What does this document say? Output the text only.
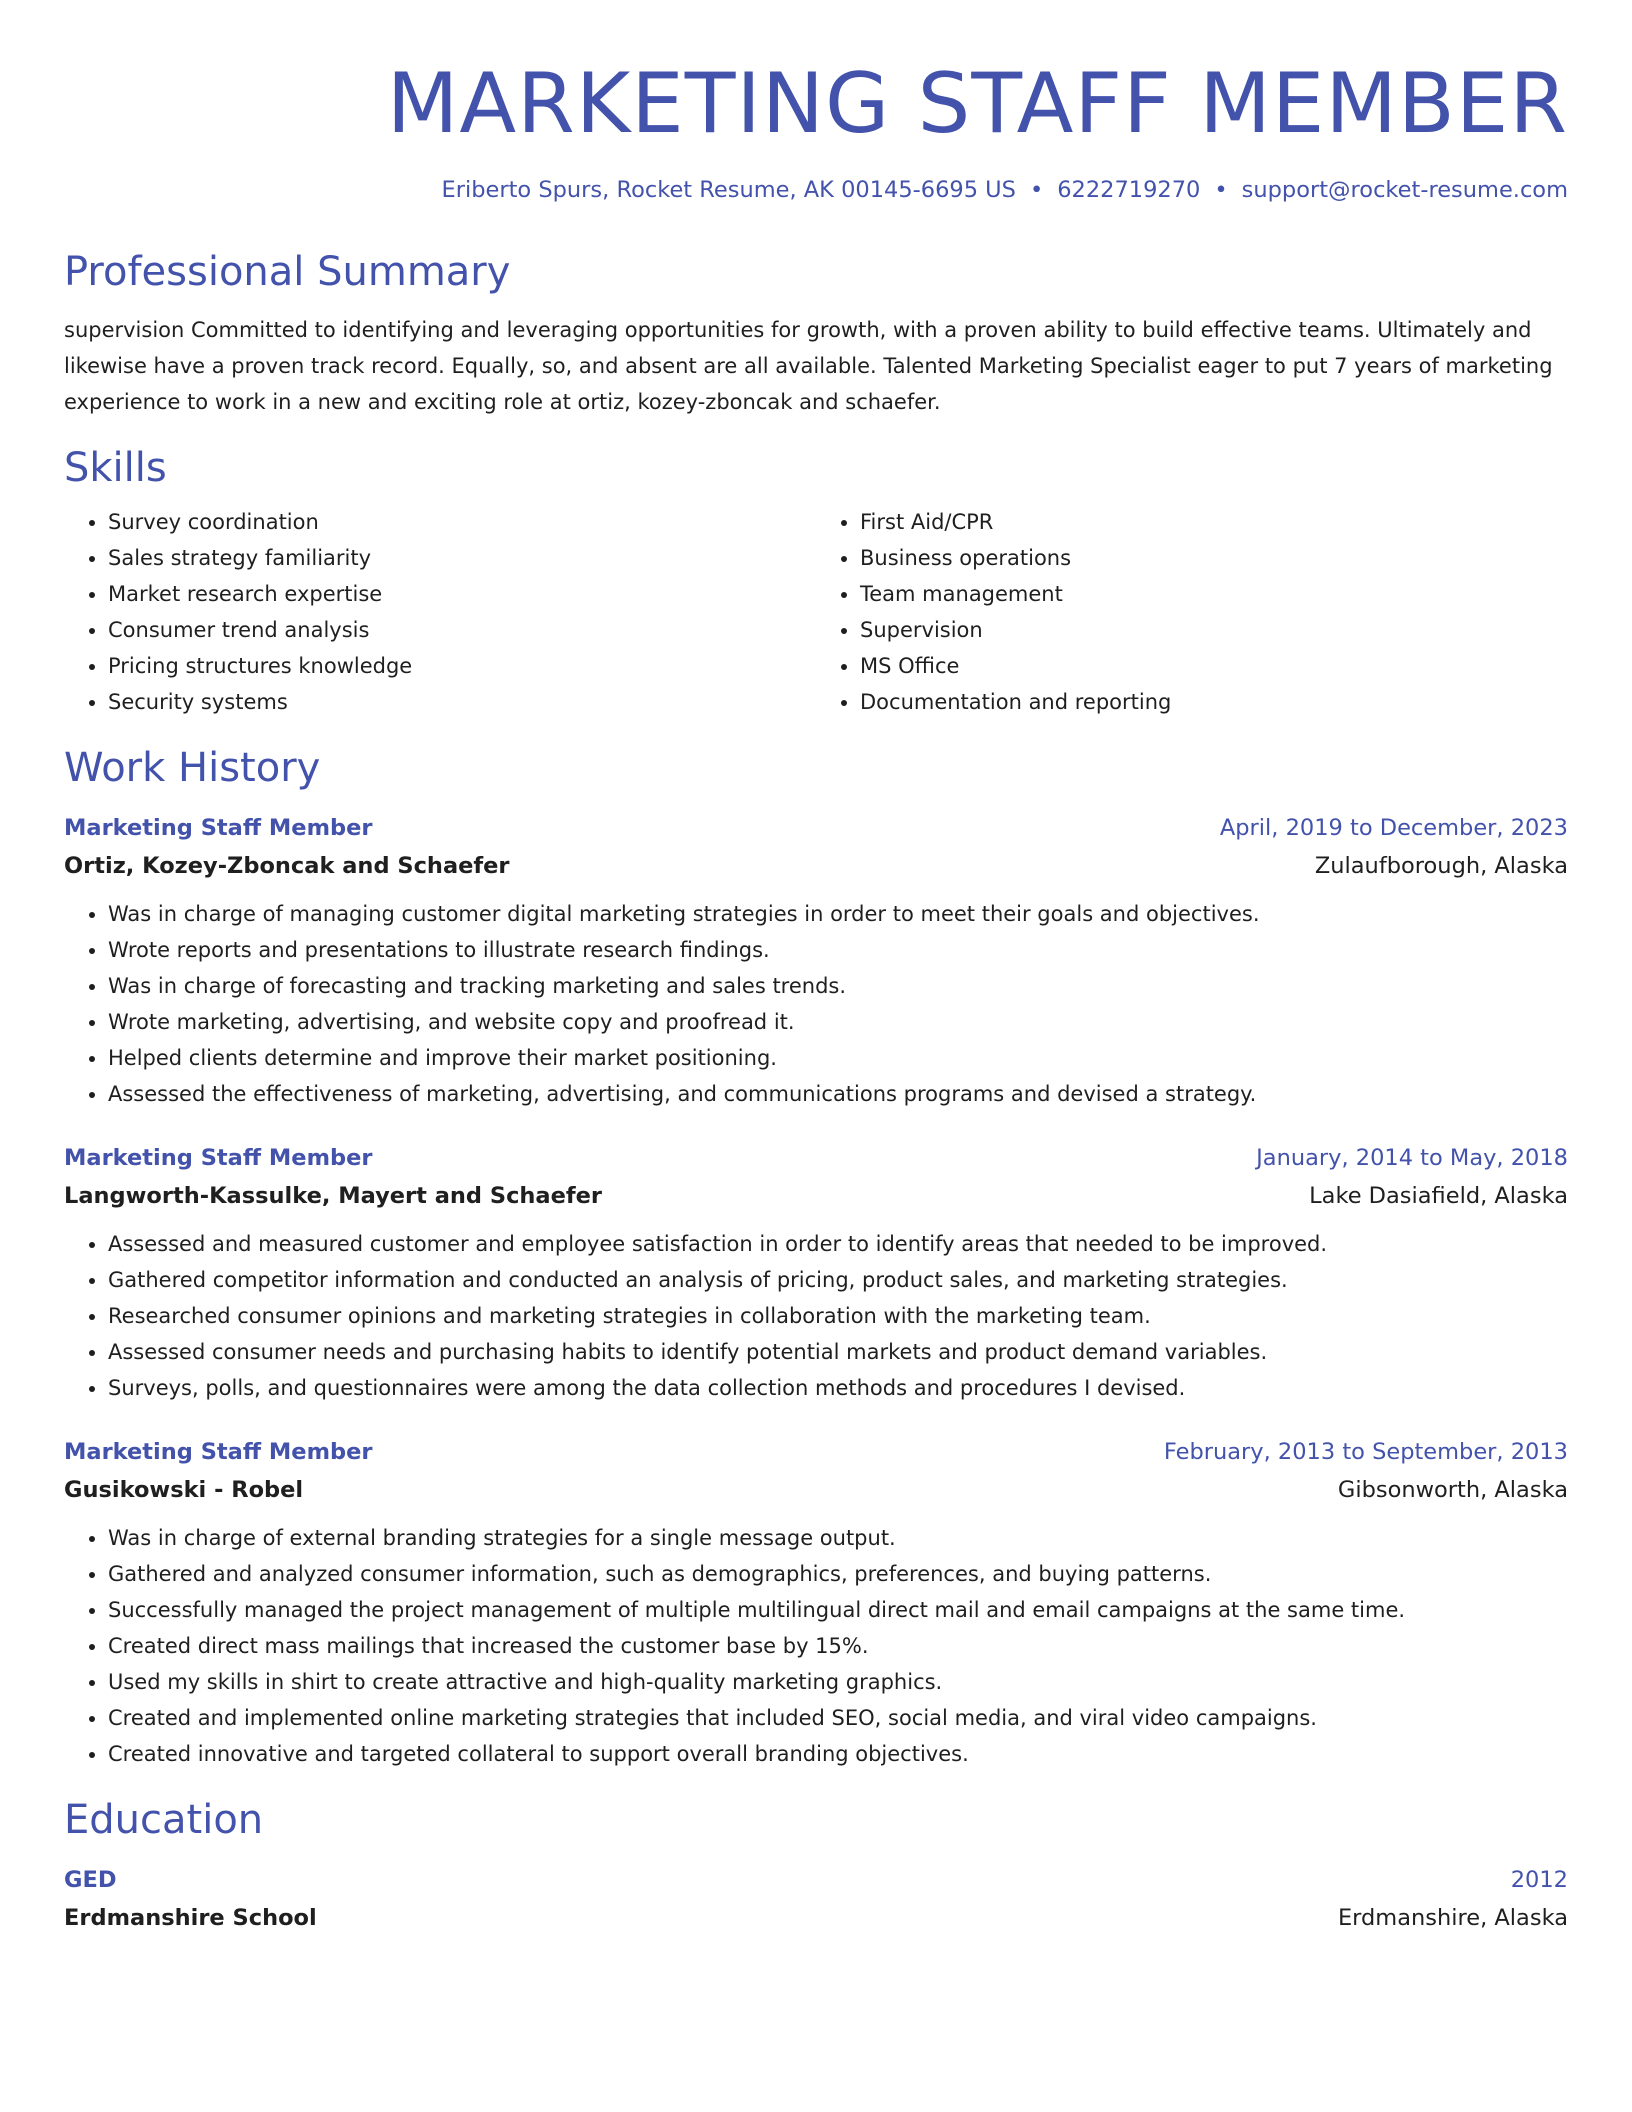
MARKETING STAFF MEMBER
Eriberto Spurs, Rocket Resume, AK 00145-6695 US • 6222719270 • support@rocket-resume.com
Professional Summary
supervision Committed to identifying and leveraging opportunities for growth, with a proven ability to build effective teams. Ultimately and likewise have a proven track record. Equally, so, and absent are all available. Talented Marketing Specialist eager to put 7 years of marketing experience to work in a new and exciting role at ortiz, kozey-zboncak and schaefer.
Skills
• Survey coordination
• Sales strategy familiarity
• Market research expertise
• Consumer trend analysis
• Pricing structures knowledge
• Security systems
• First Aid/CPR
• Business operations
• Team management
• Supervision
• MS Office
• Documentation and reporting
Work History
Marketing Staff Member	April, 2019 to December, 2023
Ortiz, Kozey-Zboncak and Schaefer	Zulaufborough, Alaska
• Was in charge of managing customer digital marketing strategies in order to meet their goals and objectives.
• Wrote reports and presentations to illustrate research findings.
• Was in charge of forecasting and tracking marketing and sales trends.
• Wrote marketing, advertising, and website copy and proofread it.
• Helped clients determine and improve their market positioning.
• Assessed the effectiveness of marketing, advertising, and communications programs and devised a strategy.
Marketing Staff Member	January, 2014 to May, 2018
Langworth-Kassulke, Mayert and Schaefer	Lake Dasiafield, Alaska
• Assessed and measured customer and employee satisfaction in order to identify areas that needed to be improved.
• Gathered competitor information and conducted an analysis of pricing, product sales, and marketing strategies.
• Researched consumer opinions and marketing strategies in collaboration with the marketing team.
• Assessed consumer needs and purchasing habits to identify potential markets and product demand variables.
• Surveys, polls, and questionnaires were among the data collection methods and procedures I devised.
Marketing Staff Member	February, 2013 to September, 2013
Gusikowski - Robel	Gibsonworth, Alaska
• Was in charge of external branding strategies for a single message output.
• Gathered and analyzed consumer information, such as demographics, preferences, and buying patterns.
• Successfully managed the project management of multiple multilingual direct mail and email campaigns at the same time.
• Created direct mass mailings that increased the customer base by 15%.
• Used my skills in shirt to create attractive and high-quality marketing graphics.
• Created and implemented online marketing strategies that included SEO, social media, and viral video campaigns.
• Created innovative and targeted collateral to support overall branding objectives.
Education
GED	2012
Erdmanshire School	Erdmanshire, Alaska
